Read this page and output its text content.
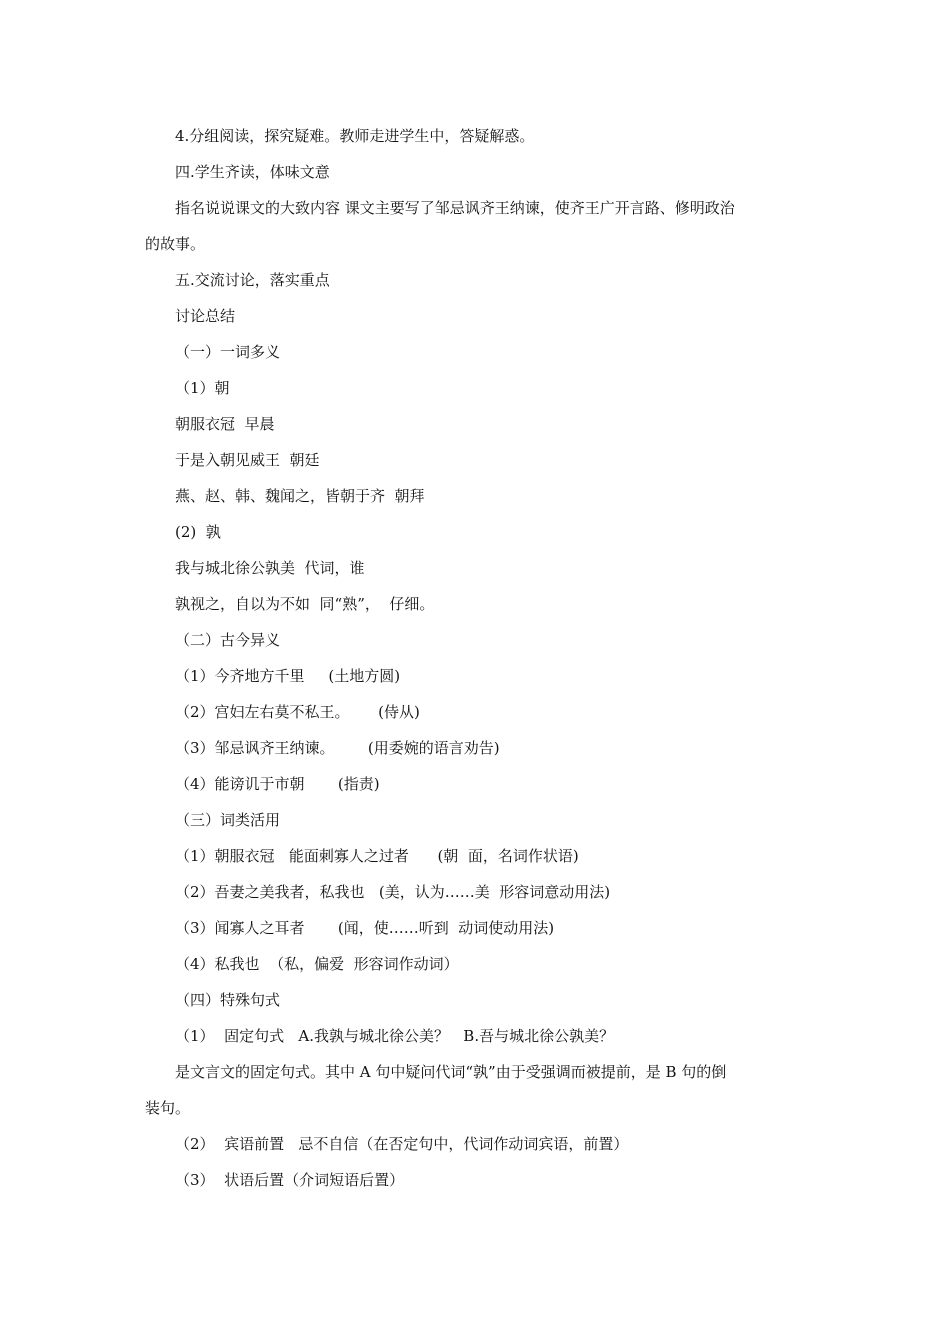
4.分组阅读，探究疑难。教师走进学生中，答疑解惑。
四.学生齐读，体味文意
指名说说课文的大致内容 课文主要写了邹忌讽齐王纳谏，使齐王广开言路、修明政治
的故事。
五.交流讨论，落实重点
讨论总结
（一）一词多义
（1）朝
朝服衣冠  早晨
于是入朝见威王  朝廷
燕、赵、韩、魏闻之，皆朝于齐  朝拜
(2)  孰
我与城北徐公孰美  代词，谁
孰视之，自以为不如  同“熟”，  仔细。
（二）古今异义
（1）今齐地方千里     (土地方圆)
（2）宫妇左右莫不私王。      (侍从)
（3）邹忌讽齐王纳谏。       (用委婉的语言劝告)
（4）能谤讥于市朝       (指责)
（三）词类活用
（1）朝服衣冠   能面刺寡人之过者      (朝  面，名词作状语)
（2）吾妻之美我者，私我也   (美，认为……美  形容词意动用法)
（3）闻寡人之耳者       (闻，使……听到  动词使动用法)
（4）私我也  （私，偏爱  形容词作动词）
（四）特殊句式
（1）  固定句式   A.我孰与城北徐公美？   B.吾与城北徐公孰美？
是文言文的固定句式。其中 A 句中疑问代词“孰”由于受强调而被提前，是 B 句的倒
装句。
（2）  宾语前置   忌不自信（在否定句中，代词作动词宾语，前置）
（3）  状语后置（介词短语后置）
